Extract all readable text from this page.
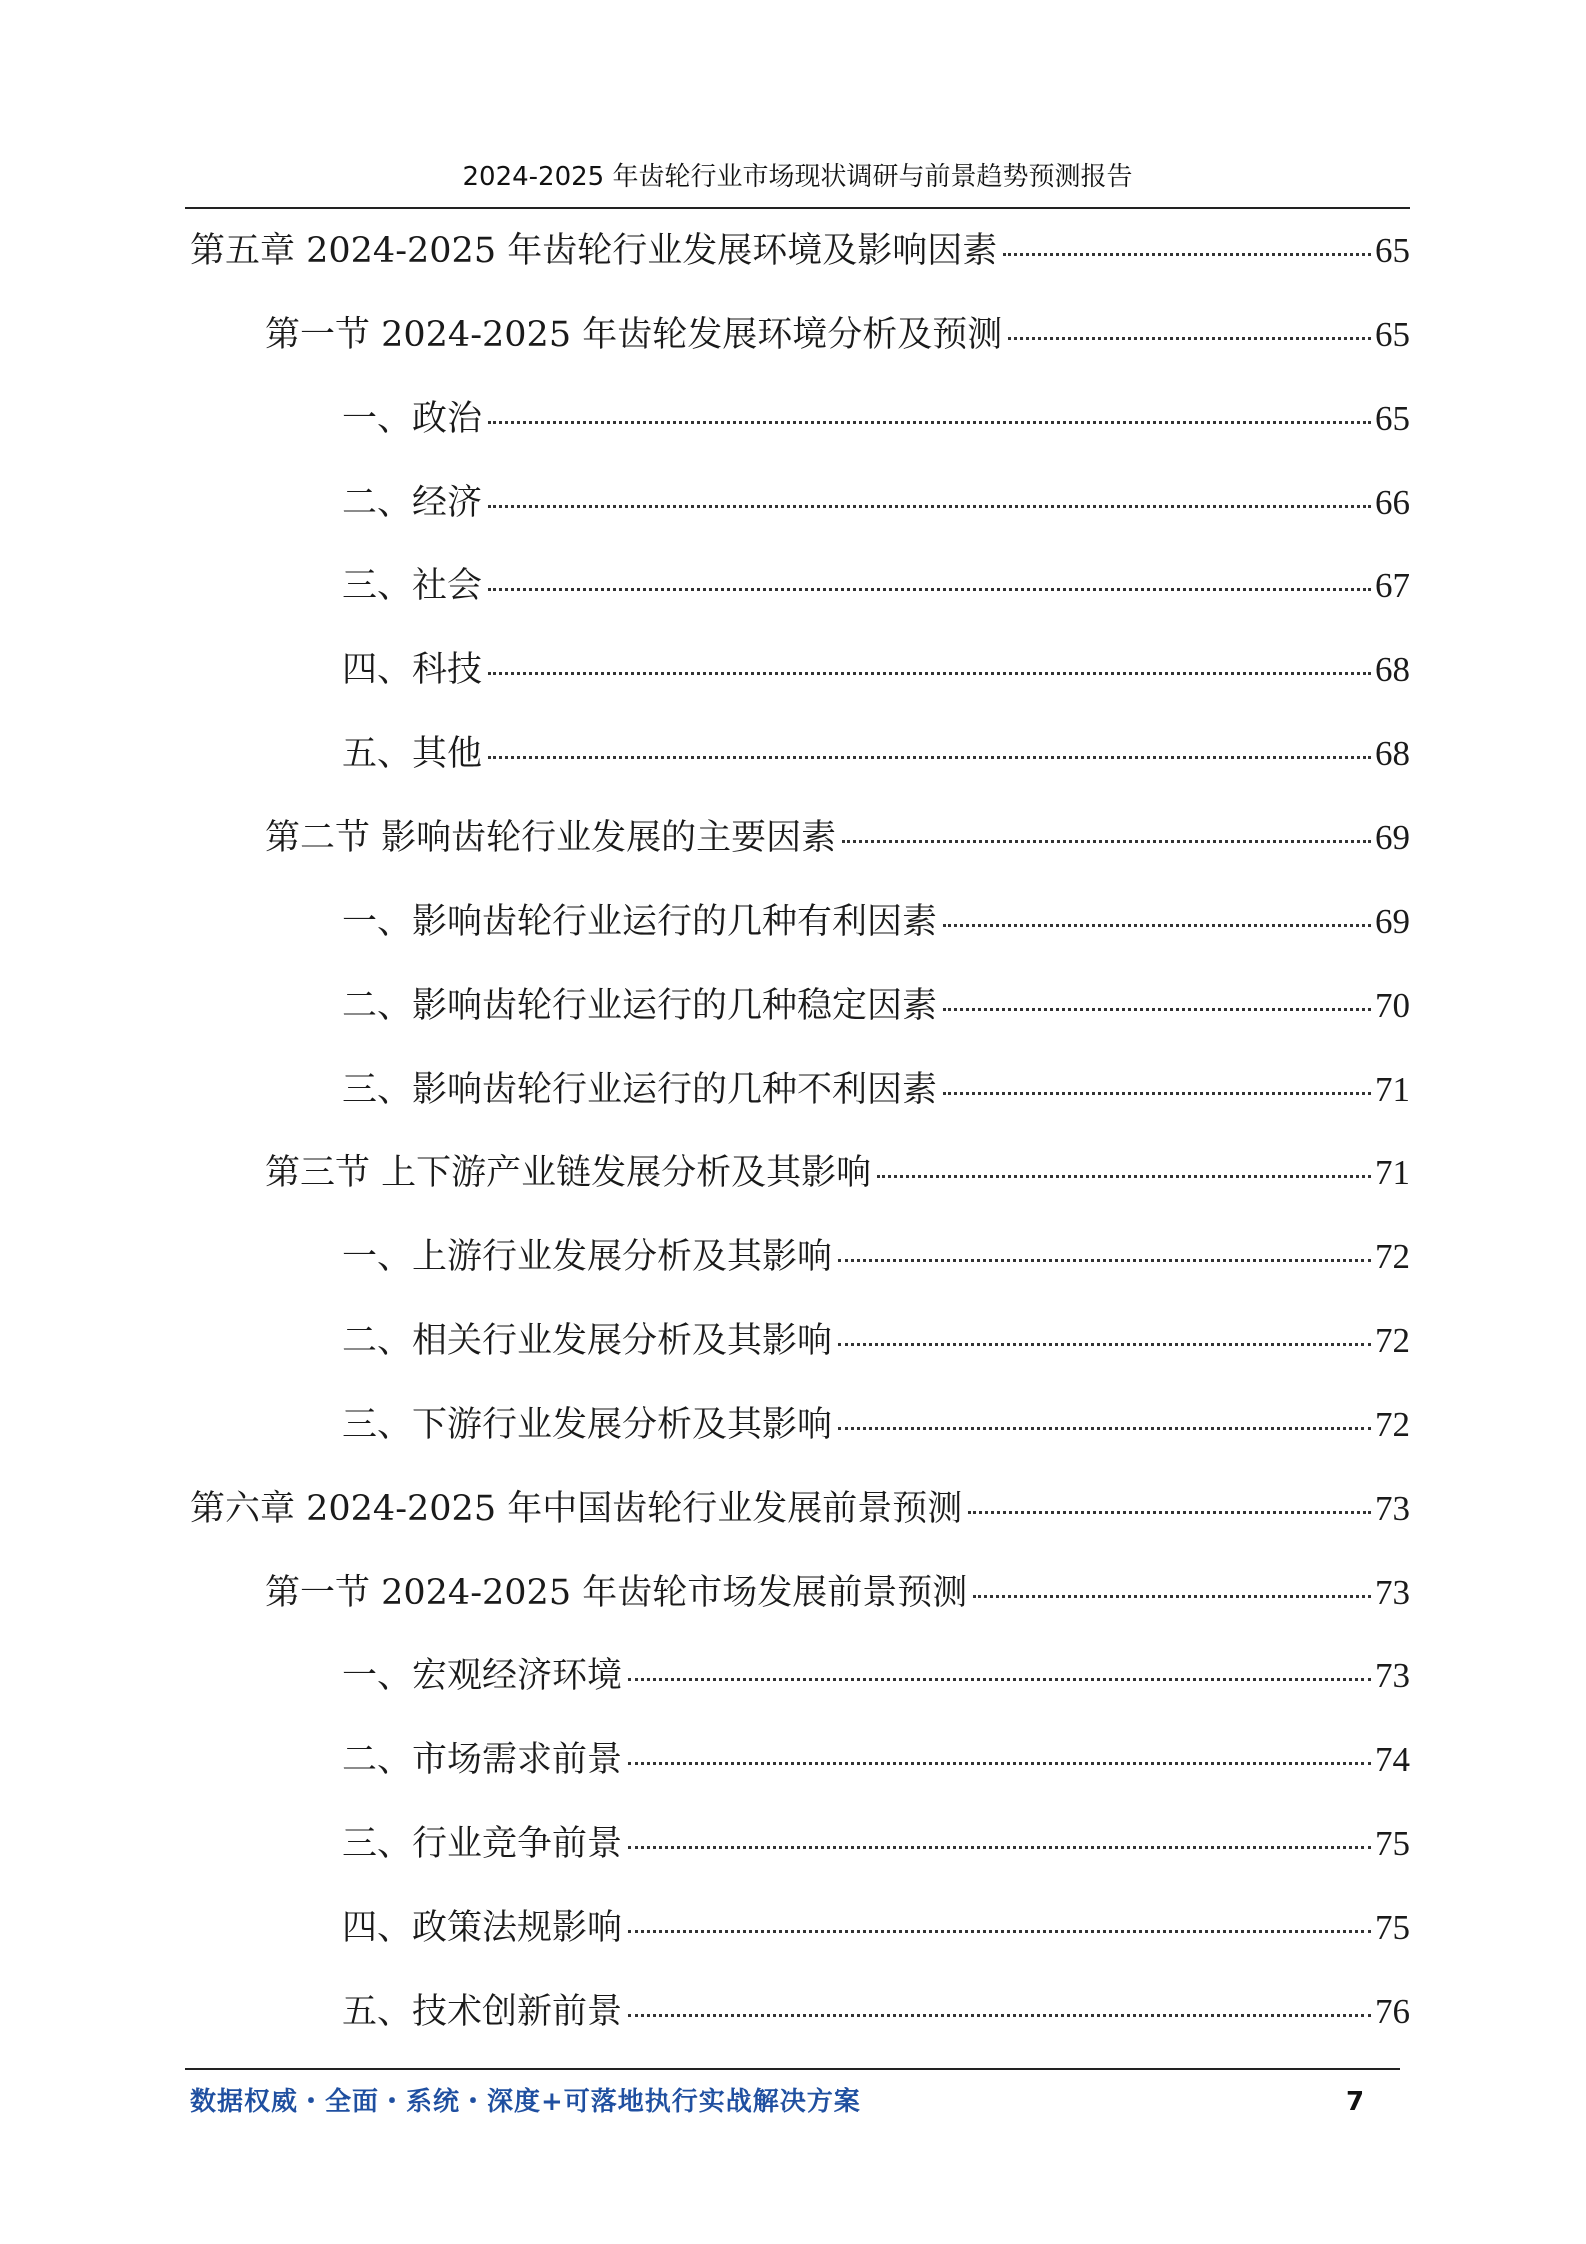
2024-2025 年齿轮行业市场现状调研与前景趋势预测报告
第五章 2024-2025 年齿轮行业发展环境及影响因素	65
第一节 2024-2025 年齿轮发展环境分析及预测	65
一、政治	65
二、经济	66
三、社会	67
四、科技	68
五、其他	68
第二节 影响齿轮行业发展的主要因素	69
一、影响齿轮行业运行的几种有利因素	69
二、影响齿轮行业运行的几种稳定因素	70
三、影响齿轮行业运行的几种不利因素	71
第三节 上下游产业链发展分析及其影响	71
一、上游行业发展分析及其影响	72
二、相关行业发展分析及其影响	72
三、下游行业发展分析及其影响	72
第六章 2024-2025 年中国齿轮行业发展前景预测	73
第一节 2024-2025 年齿轮市场发展前景预测	73
一、宏观经济环境	73
二、市场需求前景	74
三、行业竞争前景	75
四、政策法规影响	75
五、技术创新前景	76
数据权威・全面・系统・深度+可落地执行实战解决方案	7
